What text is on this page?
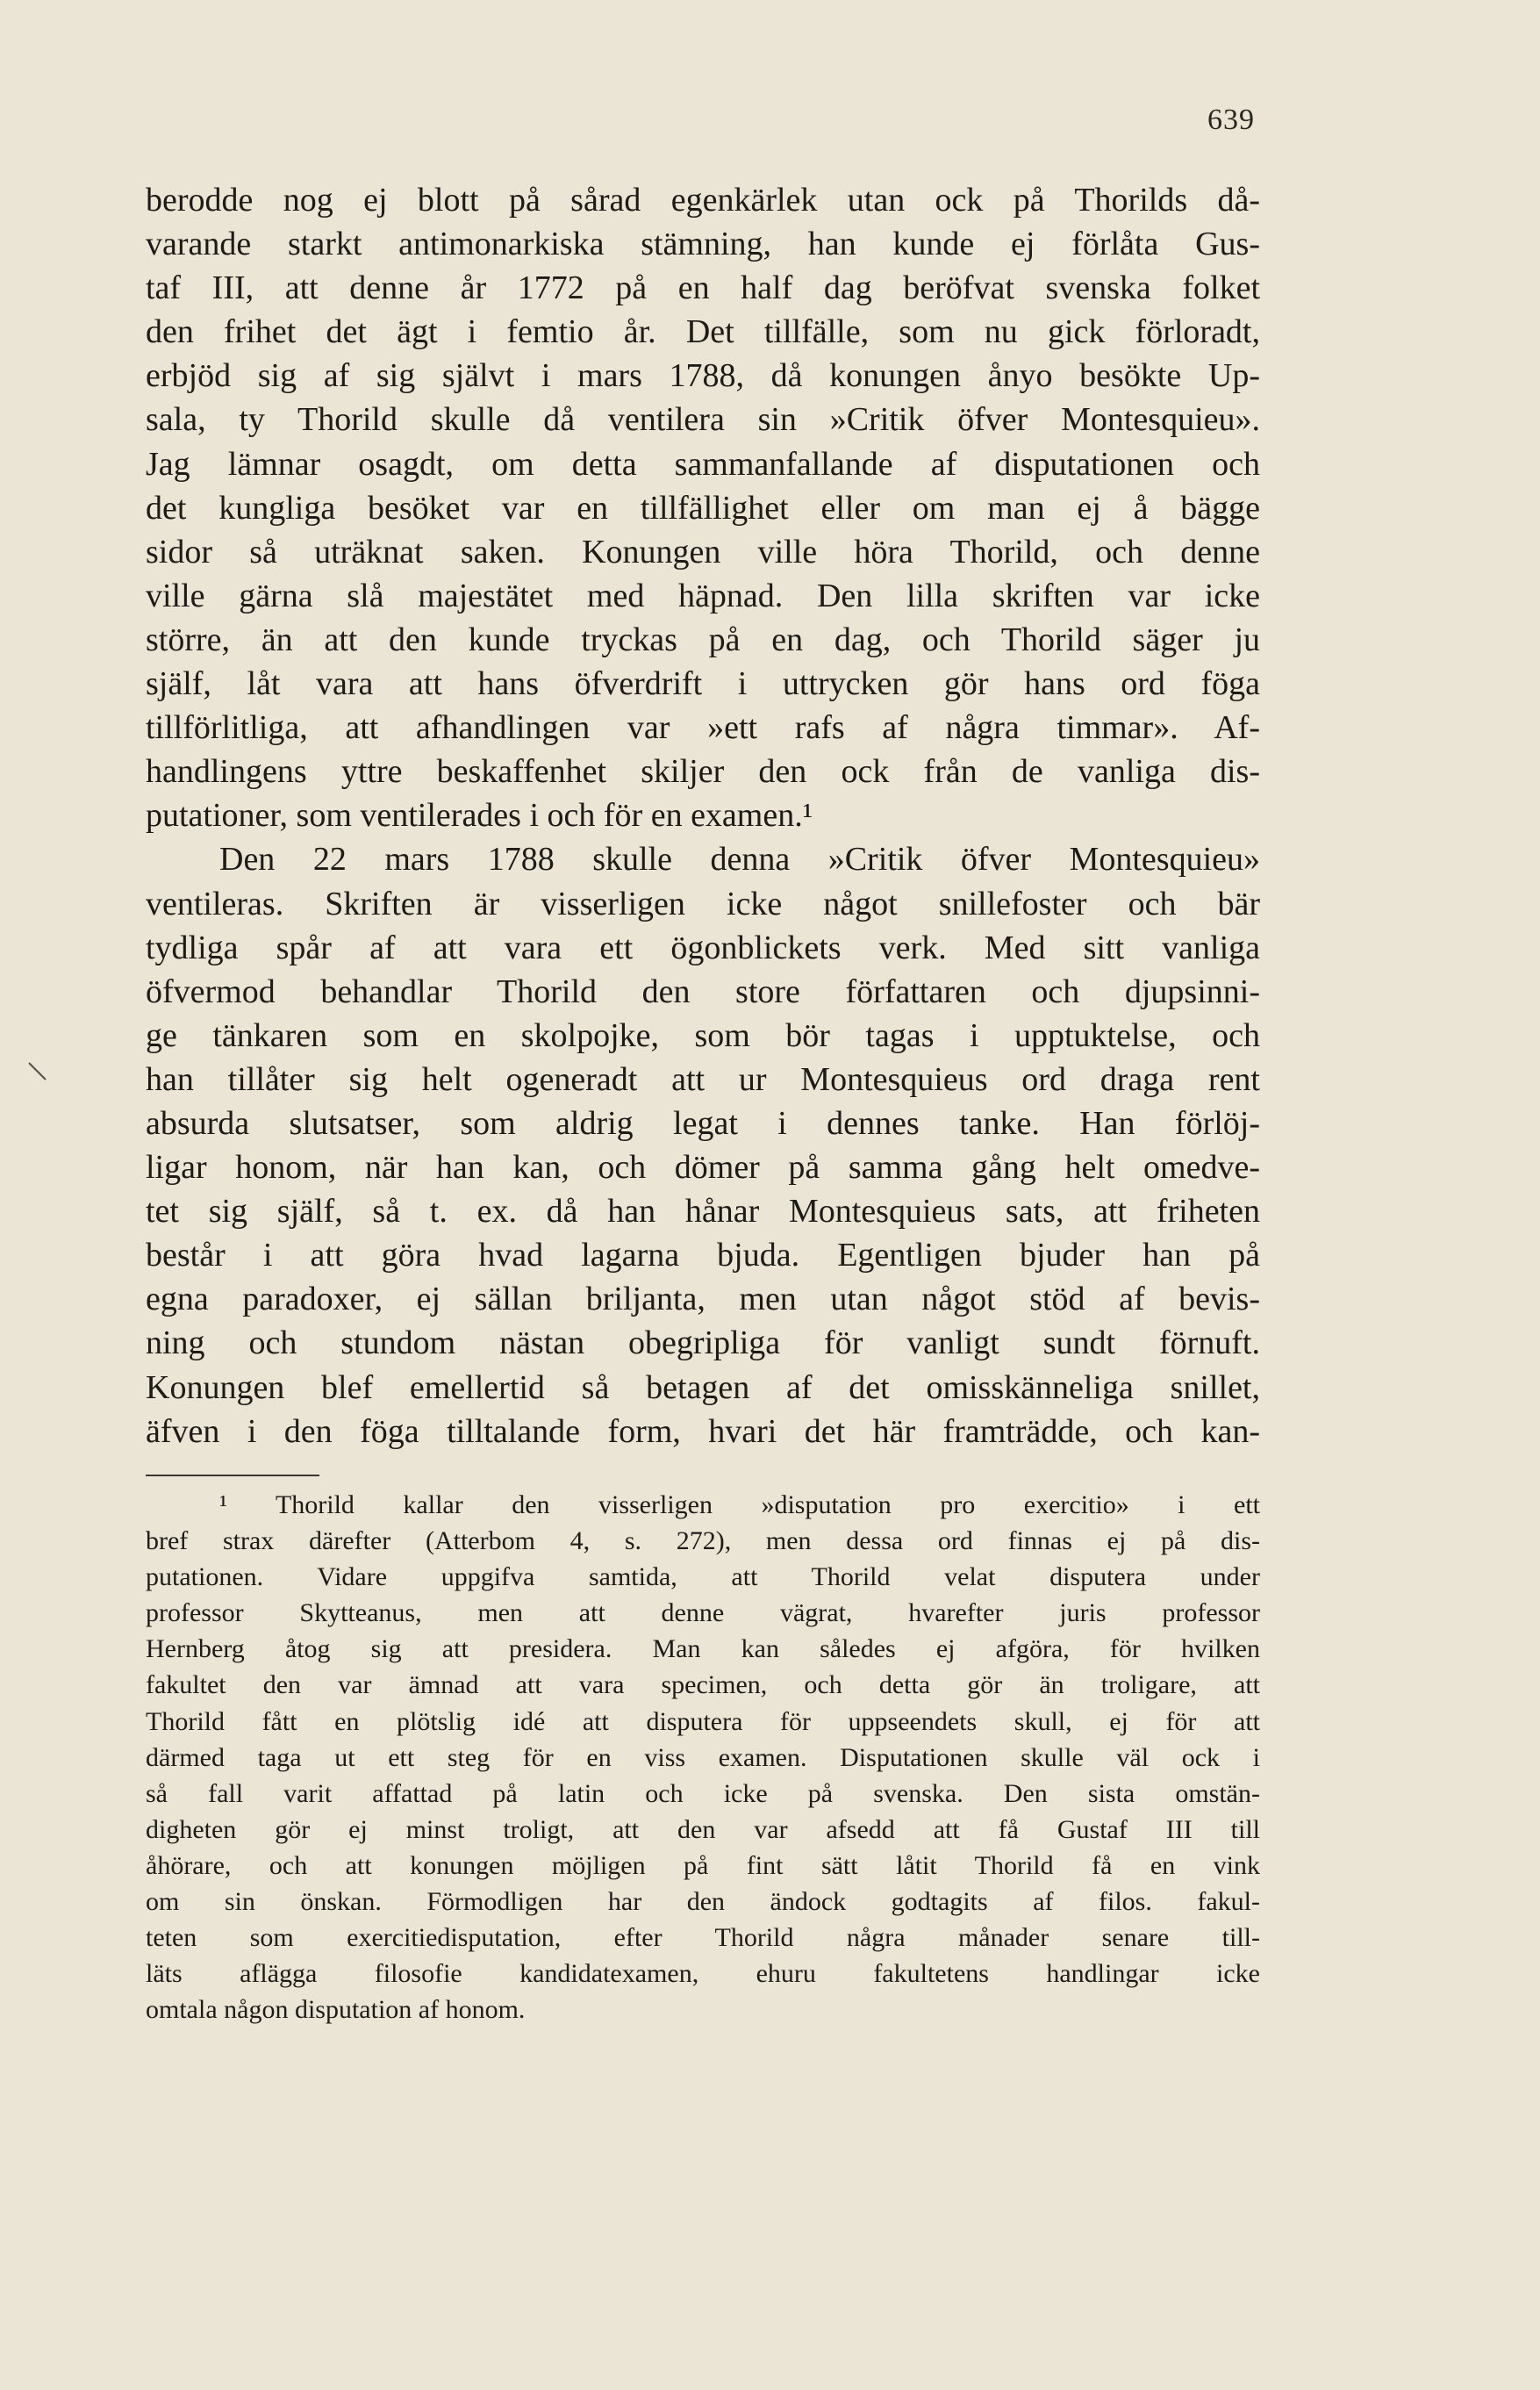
639
berodde nog ej blott på sårad egenkärlek utan ock på Thorilds då-
varande starkt antimonarkiska stämning, han kunde ej förlåta Gus-
taf III, att denne år 1772 på en half dag beröfvat svenska folket
den frihet det ägt i femtio år. Det tillfälle, som nu gick förloradt,
erbjöd sig af sig självt i mars 1788, då konungen ånyo besökte Up-
sala, ty Thorild skulle då ventilera sin »Critik öfver Montesquieu».
Jag lämnar osagdt, om detta sammanfallande af disputationen och
det kungliga besöket var en tillfällighet eller om man ej å bägge
sidor så uträknat saken. Konungen ville höra Thorild, och denne
ville gärna slå majestätet med häpnad. Den lilla skriften var icke
större, än att den kunde tryckas på en dag, och Thorild säger ju
själf, låt vara att hans öfverdrift i uttrycken gör hans ord föga
tillförlitliga, att afhandlingen var »ett rafs af några timmar». Af-
handlingens yttre beskaffenhet skiljer den ock från de vanliga dis-
putationer, som ventilerades i och för en examen.¹
Den 22 mars 1788 skulle denna »Critik öfver Montesquieu»
ventileras. Skriften är visserligen icke något snillefoster och bär
tydliga spår af att vara ett ögonblickets verk. Med sitt vanliga
öfvermod behandlar Thorild den store författaren och djupsinni-
ge tänkaren som en skolpojke, som bör tagas i upptuktelse, och
han tillåter sig helt ogeneradt att ur Montesquieus ord draga rent
absurda slutsatser, som aldrig legat i dennes tanke. Han förlöj-
ligar honom, när han kan, och dömer på samma gång helt omedve-
tet sig själf, så t. ex. då han hånar Montesquieus sats, att friheten
består i att göra hvad lagarna bjuda. Egentligen bjuder han på
egna paradoxer, ej sällan briljanta, men utan något stöd af bevis-
ning och stundom nästan obegripliga för vanligt sundt förnuft.
Konungen blef emellertid så betagen af det omisskänneliga snillet,
äfven i den föga tilltalande form, hvari det här framträdde, och kan-
¹ Thorild kallar den visserligen »disputation pro exercitio» i ett
bref strax därefter (Atterbom 4, s. 272), men dessa ord finnas ej på dis-
putationen. Vidare uppgifva samtida, att Thorild velat disputera under
professor Skytteanus, men att denne vägrat, hvarefter juris professor
Hernberg åtog sig att presidera. Man kan således ej afgöra, för hvilken
fakultet den var ämnad att vara specimen, och detta gör än troligare, att
Thorild fått en plötslig idé att disputera för uppseendets skull, ej för att
därmed taga ut ett steg för en viss examen. Disputationen skulle väl ock i
så fall varit affattad på latin och icke på svenska. Den sista omstän-
digheten gör ej minst troligt, att den var afsedd att få Gustaf III till
åhörare, och att konungen möjligen på fint sätt låtit Thorild få en vink
om sin önskan. Förmodligen har den ändock godtagits af filos. fakul-
teten som exercitiedisputation, efter Thorild några månader senare till-
läts aflägga filosofie kandidatexamen, ehuru fakultetens handlingar icke
omtala någon disputation af honom.
